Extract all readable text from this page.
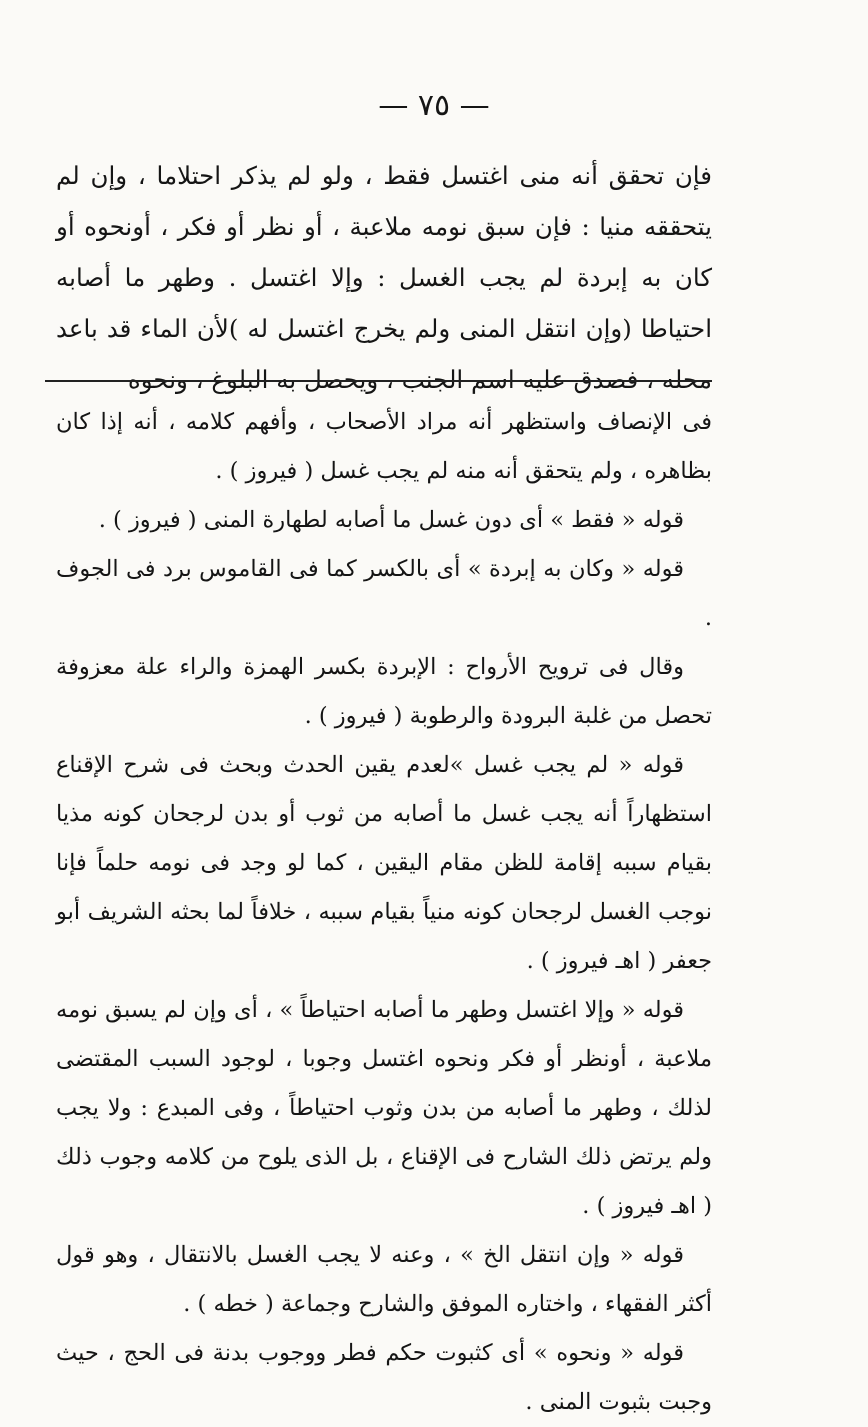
— ٧٥ —

فإن تحقق أنه منى اغتسل فقط ، ولو لم يذكر احتلاما ، وإن لم يتحققه منيا : فإن سبق نومه ملاعبة ، أو نظر أو فكر ، أونحوه أو كان به إبردة لم يجب الغسل : وإلا اغتسل . وطهر ما أصابه احتياطا (وإن انتقل المنى ولم يخرج اغتسل له )لأن الماء قد باعد محله ، فصدق عليه اسم الجنب ، ويحصل به البلوغ ، ونحوه

فى الإنصاف واستظهر أنه مراد الأصحاب ، وأفهم كلامه ، أنه إذا كان بظاهره ، ولم يتحقق أنه منه لم يجب غسل ( فيروز ) .

قوله « فقط » أى دون غسل ما أصابه لطهارة المنى ( فيروز ) .

قوله « وكان به إبردة » أى بالكسر كما فى القاموس برد فى الجوف .

وقال فى ترويح الأرواح : الإبردة بكسر الهمزة والراء علة معزوفة تحصل من غلبة البرودة والرطوبة ( فيروز ) .

قوله « لم يجب غسل »لعدم يقين الحدث وبحث فى شرح الإقناع استظهاراً أنه يجب غسل ما أصابه من ثوب أو بدن لرجحان كونه مذيا بقيام سببه إقامة للظن مقام اليقين ، كما لو وجد فى نومه حلماً فإنا نوجب الغسل لرجحان كونه منياً بقيام سببه ، خلافاً لما بحثه الشريف أبو جعفر ( اهـ فيروز ) .

قوله « وإلا اغتسل وطهر ما أصابه احتياطاً » ، أى وإن لم يسبق نومه ملاعبة ، أونظر أو فكر ونحوه اغتسل وجوبا ، لوجود السبب المقتضى لذلك ، وطهر ما أصابه من بدن وثوب احتياطاً ، وفى المبدع : ولا يجب ولم يرتض ذلك الشارح فى الإقناع ، بل الذى يلوح من كلامه وجوب ذلك ( اهـ فيروز ) .

قوله « وإن انتقل الخ » ، وعنه لا يجب الغسل بالانتقال ، وهو قول أكثر الفقهاء ، واختاره الموفق والشارح وجماعة ( خطه ) .

قوله « ونحوه » أى كثبوت حكم فطر ووجوب بدنة فى الحج ، حيث وجبت بثبوت المنى .
